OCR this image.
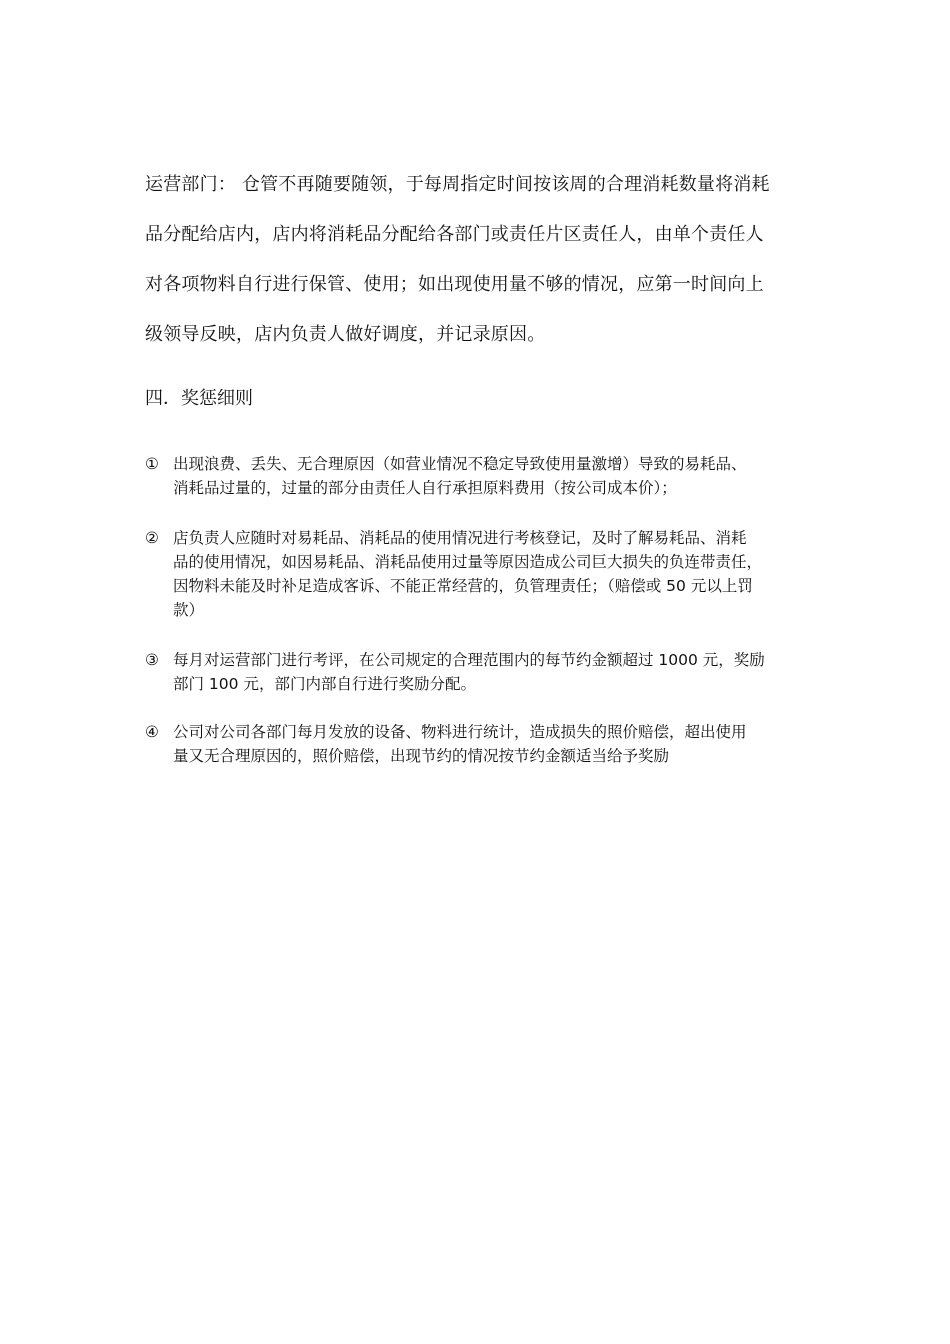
运营部门： 仓管不再随要随领，于每周指定时间按该周的合理消耗数量将消耗

品分配给店内，店内将消耗品分配给各部门或责任片区责任人，由单个责任人

对各项物料自行进行保管、使用；如出现使用量不够的情况，应第一时间向上

级领导反映，店内负责人做好调度，并记录原因。

四．奖惩细则
① 出现浪费、丢失、无合理原因（如营业情况不稳定导致使用量激增）导致的易耗品、
消耗品过量的，过量的部分由责任人自行承担原料费用（按公司成本价）；
② 店负责人应随时对易耗品、消耗品的使用情况进行考核登记，及时了解易耗品、消耗
品的使用情况，如因易耗品、消耗品使用过量等原因造成公司巨大损失的负连带责任，
因物料未能及时补足造成客诉、不能正常经营的，负管理责任；（赔偿或 50 元以上罚
款）
③ 每月对运营部门进行考评，在公司规定的合理范围内的每节约金额超过 1000 元，奖励
部门 100 元，部门内部自行进行奖励分配。
④ 公司对公司各部门每月发放的设备、物料进行统计，造成损失的照价赔偿，超出使用
量又无合理原因的，照价赔偿，出现节约的情况按节约金额适当给予奖励
